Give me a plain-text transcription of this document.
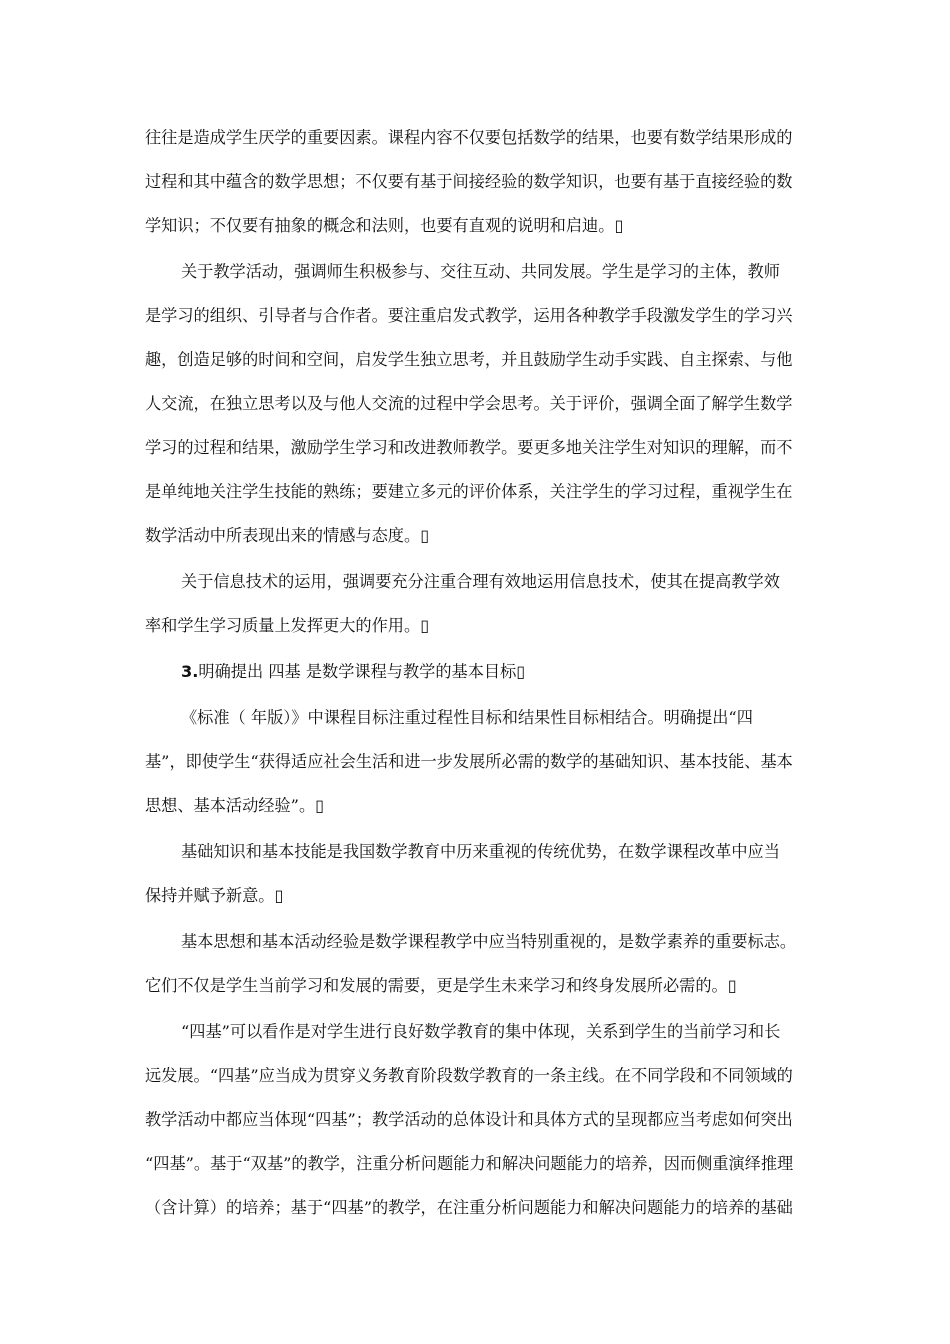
往往是造成学生厌学的重要因素。课程内容不仅要包括数学的结果，也要有数学结果形成的
过程和其中蕴含的数学思想；不仅要有基于间接经验的数学知识，也要有基于直接经验的数
学知识；不仅要有抽象的概念和法则，也要有直观的说明和启迪。▯
关于教学活动，强调师生积极参与、交往互动、共同发展。学生是学习的主体，教师
是学习的组织、引导者与合作者。要注重启发式教学，运用各种教学手段激发学生的学习兴
趣，创造足够的时间和空间，启发学生独立思考，并且鼓励学生动手实践、自主探索、与他
人交流，在独立思考以及与他人交流的过程中学会思考。关于评价，强调全面了解学生数学
学习的过程和结果，激励学生学习和改进教师教学。要更多地关注学生对知识的理解，而不
是单纯地关注学生技能的熟练；要建立多元的评价体系，关注学生的学习过程，重视学生在
数学活动中所表现出来的情感与态度。▯
关于信息技术的运用，强调要充分注重合理有效地运用信息技术，使其在提高教学效
率和学生学习质量上发挥更大的作用。▯
3.明确提出 四基 是数学课程与教学的基本目标▯
《标准（ 年版）》中课程目标注重过程性目标和结果性目标相结合。明确提出“四
基”，即使学生“获得适应社会生活和进一步发展所必需的数学的基础知识、基本技能、基本
思想、基本活动经验”。▯
基础知识和基本技能是我国数学教育中历来重视的传统优势，在数学课程改革中应当
保持并赋予新意。▯
基本思想和基本活动经验是数学课程教学中应当特别重视的，是数学素养的重要标志。
它们不仅是学生当前学习和发展的需要，更是学生未来学习和终身发展所必需的。▯
“四基”可以看作是对学生进行良好数学教育的集中体现，关系到学生的当前学习和长
远发展。“四基”应当成为贯穿义务教育阶段数学教育的一条主线。在不同学段和不同领域的
教学活动中都应当体现“四基”；教学活动的总体设计和具体方式的呈现都应当考虑如何突出
“四基”。基于“双基”的教学，注重分析问题能力和解决问题能力的培养，因而侧重演绎推理
（含计算）的培养；基于“四基”的教学，在注重分析问题能力和解决问题能力的培养的基础
